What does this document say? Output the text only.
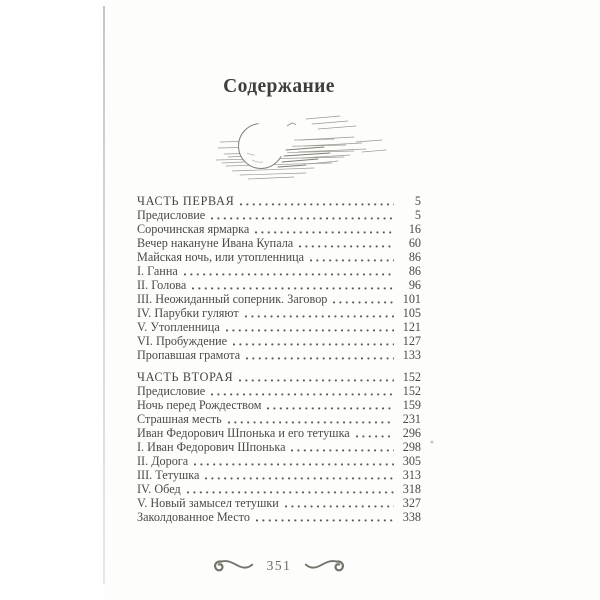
Содержание
ЧАСТЬ ПЕРВАЯ	5
Предисловие	5
Сорочинская ярмарка	16
Вечер накануне Ивана Купала	60
Майская ночь, или утопленница	86
I. Ганна	86
II. Голова	96
III. Неожиданный соперник. Заговор	101
IV. Парубки гуляют	105
V. Утопленница	121
VI. Пробуждение	127
Пропавшая грамота	133
ЧАСТЬ ВТОРАЯ	152
Предисловие	152
Ночь перед Рождеством	159
Страшная месть	231
Иван Федорович Шпонька и его тетушка	296
I. Иван Федорович Шпонька	298 *
II. Дорога	305
III. Тетушка	313
IV. Обед	318
V. Новый замысел тетушки	327
Заколдованное Место	338
351
